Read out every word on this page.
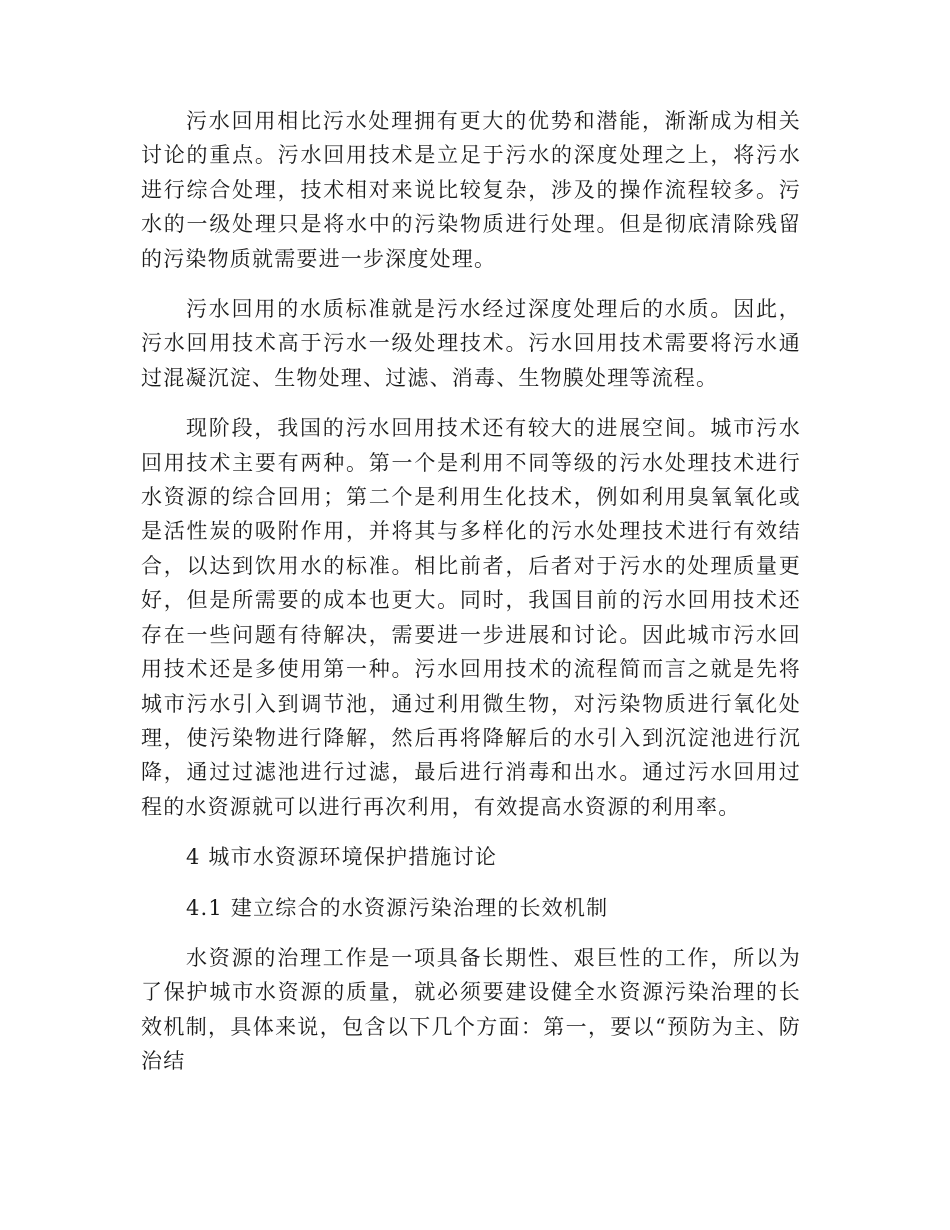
污水回用相比污水处理拥有更大的优势和潜能，渐渐成为相关讨论的重点。污水回用技术是立足于污水的深度处理之上，将污水进行综合处理，技术相对来说比较复杂，涉及的操作流程较多。污水的一级处理只是将水中的污染物质进行处理。但是彻底清除残留的污染物质就需要进一步深度处理。

污水回用的水质标准就是污水经过深度处理后的水质。因此，污水回用技术高于污水一级处理技术。污水回用技术需要将污水通过混凝沉淀、生物处理、过滤、消毒、生物膜处理等流程。

现阶段，我国的污水回用技术还有较大的进展空间。城市污水回用技术主要有两种。第一个是利用不同等级的污水处理技术进行水资源的综合回用；第二个是利用生化技术，例如利用臭氧氧化或是活性炭的吸附作用，并将其与多样化的污水处理技术进行有效结合，以达到饮用水的标准。相比前者，后者对于污水的处理质量更好，但是所需要的成本也更大。同时，我国目前的污水回用技术还存在一些问题有待解决，需要进一步进展和讨论。因此城市污水回用技术还是多使用第一种。污水回用技术的流程简而言之就是先将城市污水引入到调节池，通过利用微生物，对污染物质进行氧化处理，使污染物进行降解，然后再将降解后的水引入到沉淀池进行沉降，通过过滤池进行过滤，最后进行消毒和出水。通过污水回用过程的水资源就可以进行再次利用，有效提高水资源的利用率。

4 城市水资源环境保护措施讨论

4.1 建立综合的水资源污染治理的长效机制

水资源的治理工作是一项具备长期性、艰巨性的工作，所以为了保护城市水资源的质量，就必须要建设健全水资源污染治理的长效机制，具体来说，包含以下几个方面：第一，要以“预防为主、防治结
